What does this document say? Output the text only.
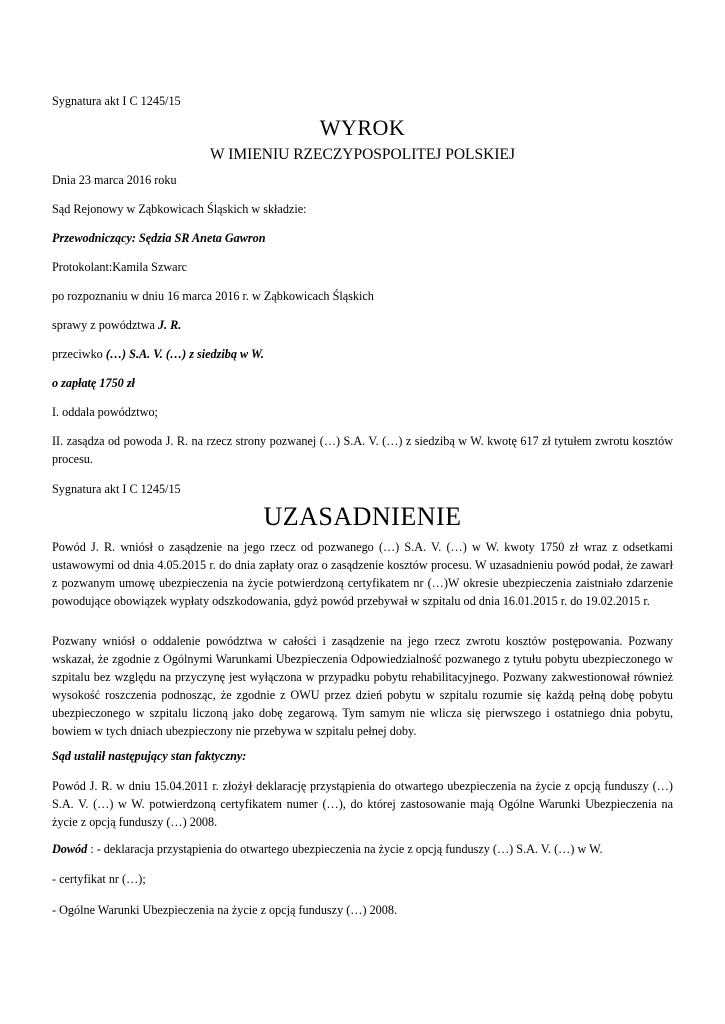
Sygnatura akt I C 1245/15
WYROK
W IMIENIU RZECZYPOSPOLITEJ POLSKIEJ
Dnia 23 marca 2016 roku
Sąd Rejonowy w Ząbkowicach Śląskich w składzie:
Przewodniczący: Sędzia SR Aneta Gawron
Protokolant:Kamila Szwarc
po rozpoznaniu w dniu 16 marca 2016 r. w Ząbkowicach Śląskich
sprawy z powództwa J. R.
przeciwko (…) S.A. V. (…) z siedzibą w W.
o zapłatę 1750 zł
I. oddala powództwo;
II. zasądza od powoda J. R. na rzecz strony pozwanej (…) S.A. V. (…) z siedzibą w W. kwotę 617 zł tytułem zwrotu kosztów procesu.
Sygnatura akt I C 1245/15
UZASADNIENIE
Powód J. R. wniósł o zasądzenie na jego rzecz od pozwanego (…) S.A. V. (…) w W. kwoty 1750 zł wraz z odsetkami ustawowymi od dnia 4.05.2015 r. do dnia zapłaty oraz o zasądzenie kosztów procesu. W uzasadnieniu powód podał, że zawarł z pozwanym umowę ubezpieczenia na życie potwierdzoną certyfikatem nr (…)W okresie ubezpieczenia zaistniało zdarzenie powodujące obowiązek wypłaty odszkodowania, gdyż powód przebywał w szpitalu od dnia 16.01.2015 r. do 19.02.2015 r.
Pozwany wniósł o oddalenie powództwa w całości i zasądzenie na jego rzecz zwrotu kosztów postępowania. Pozwany wskazał, że zgodnie z Ogólnymi Warunkami Ubezpieczenia Odpowiedzialność pozwanego z tytułu pobytu ubezpieczonego w szpitalu bez względu na przyczynę jest wyłączona w przypadku pobytu rehabilitacyjnego. Pozwany zakwestionował również wysokość roszczenia podnosząc, że zgodnie z OWU przez dzień pobytu w szpitalu rozumie się każdą pełną dobę pobytu ubezpieczonego w szpitalu liczoną jako dobę zegarową. Tym samym nie wlicza się pierwszego i ostatniego dnia pobytu, bowiem w tych dniach ubezpieczony nie przebywa w szpitalu pełnej doby.
Sąd ustalił następujący stan faktyczny:
Powód J. R. w dniu 15.04.2011 r. złożył deklarację przystąpienia do otwartego ubezpieczenia na życie z opcją funduszy (…) S.A. V. (…) w W. potwierdzoną certyfikatem numer (…), do której zastosowanie mają Ogólne Warunki Ubezpieczenia na życie z opcją funduszy (…) 2008.
Dowód : - deklaracja przystąpienia do otwartego ubezpieczenia na życie z opcją funduszy (…) S.A. V. (…) w W.
- certyfikat nr (…);
- Ogólne Warunki Ubezpieczenia na życie z opcją funduszy (…) 2008.
